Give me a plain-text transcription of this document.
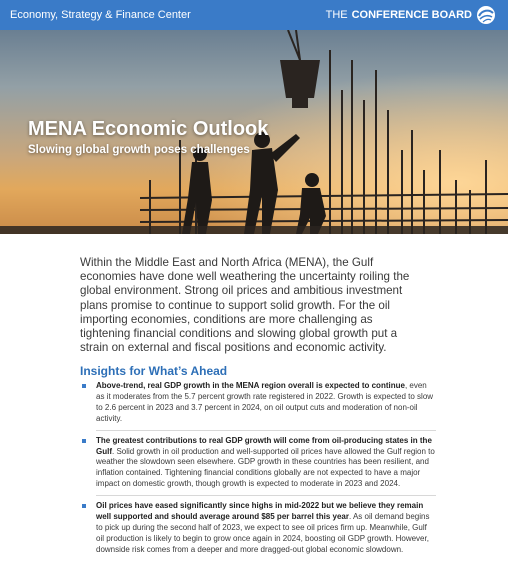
Economy, Strategy & Finance Center	THE CONFERENCE BOARD
MENA Economic Outlook
Slowing global growth poses challenges

Within the Middle East and North Africa (MENA), the Gulf economies have done well weathering the uncertainty roiling the global environment. Strong oil prices and ambitious investment plans promise to continue to support solid growth. For the oil importing economies, conditions are more challenging as tightening financial conditions and slowing global growth put a strain on external and fiscal positions and economic activity.

Insights for What’s Ahead
Above-trend, real GDP growth in the MENA region overall is expected to continue, even as it moderates from the 5.7 percent growth rate registered in 2022. Growth is expected to slow to 2.6 percent in 2023 and 3.7 percent in 2024, on oil output cuts and moderation of non-oil activity.
The greatest contributions to real GDP growth will come from oil-producing states in the Gulf. Solid growth in oil production and well-supported oil prices have allowed the Gulf region to weather the slowdown seen elsewhere. GDP growth in these countries has been resilient, and inflation contained. Tightening financial conditions globally are not expected to have a major impact on domestic growth, though growth is expected to moderate in 2023 and 2024.
Oil prices have eased significantly since highs in mid-2022 but we believe they remain well supported and should average around $85 per barrel this year. As oil demand begins to pick up during the second half of 2023, we expect to see oil prices firm up. Meanwhile, Gulf oil production is likely to begin to grow once again in 2024, boosting oil GDP growth. However, downside risk comes from a deeper and more dragged-out global economic slowdown.
